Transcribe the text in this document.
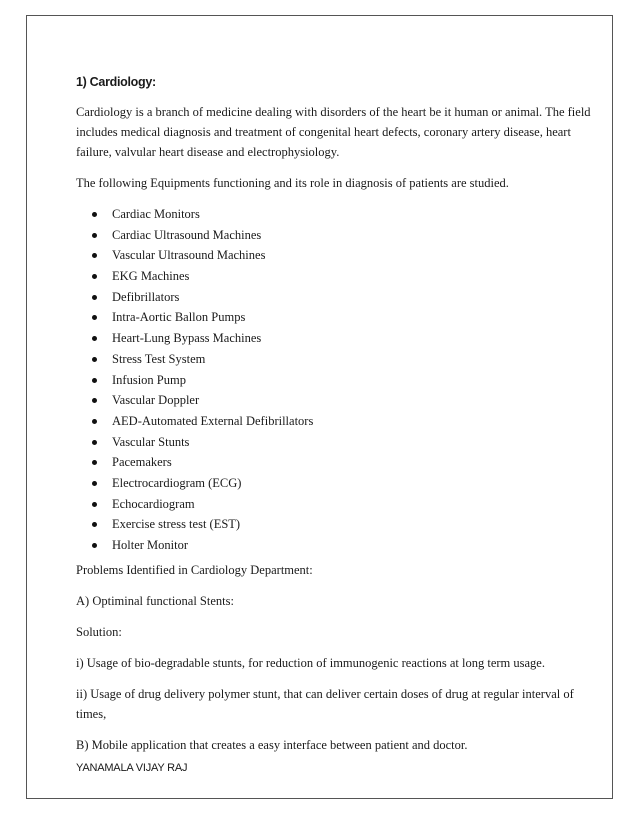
1) Cardiology:

Cardiology is a branch of medicine dealing with disorders of the heart be it human or animal. The field includes medical diagnosis and treatment of congenital heart defects, coronary artery disease, heart failure, valvular heart disease and electrophysiology.

The following Equipments functioning and its role in diagnosis of patients are studied.

Cardiac Monitors
Cardiac Ultrasound Machines
Vascular Ultrasound Machines
EKG Machines
Defibrillators
Intra-Aortic Ballon Pumps
Heart-Lung Bypass Machines
Stress Test System
Infusion Pump
Vascular Doppler
AED-Automated External Defibrillators
Vascular Stunts
Pacemakers
Electrocardiogram (ECG)
Echocardiogram
Exercise stress test (EST)
Holter Monitor

Problems Identified in Cardiology Department:

A) Optiminal functional Stents:

Solution:

i) Usage of bio-degradable stunts, for reduction of immunogenic reactions at long term usage.

ii) Usage of drug delivery polymer stunt, that can deliver certain doses of drug at regular interval of times,

B) Mobile application that creates a easy interface between patient and doctor.

YANAMALA VIJAY RAJ
